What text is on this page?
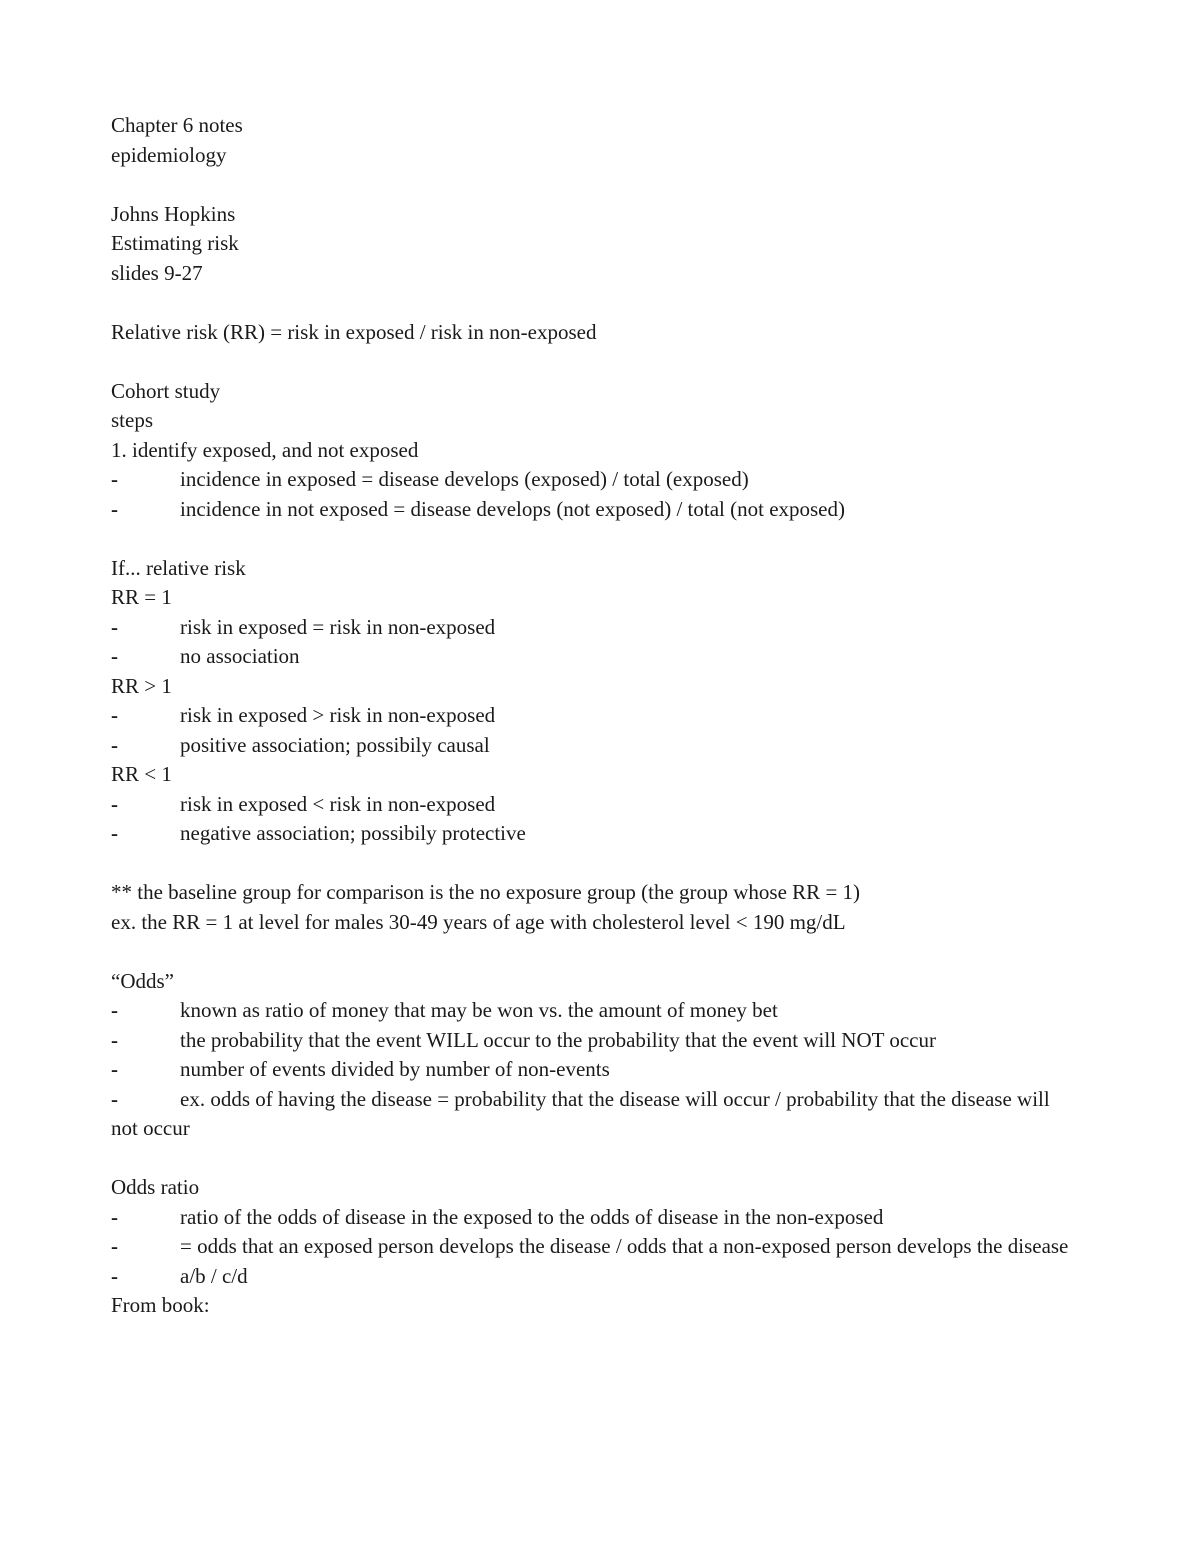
Chapter 6 notes
epidemiology
Johns Hopkins
Estimating risk
slides 9-27
Relative risk (RR) = risk in exposed / risk in non-exposed
Cohort study
steps
1. identify exposed, and not exposed
-	incidence in exposed = disease develops (exposed) / total (exposed)
-	incidence in not exposed = disease develops (not exposed) / total (not exposed)
If... relative risk
RR = 1
-	risk in exposed = risk in non-exposed
-	no association
RR > 1
-	risk in exposed > risk in non-exposed
-	positive association; possibily causal
RR < 1
-	risk in exposed < risk in non-exposed
-	negative association; possibily protective
** the baseline group for comparison is the no exposure group (the group whose RR = 1)
ex. the RR = 1 at level for males 30-49 years of age with cholesterol level < 190 mg/dL
“Odds”
-	known as ratio of money that may be won vs. the amount of money bet
-	the probability that the event WILL occur to the probability that the event will NOT occur
-	number of events divided by number of non-events
-	ex. odds of having the disease = probability that the disease will occur / probability that the disease will not occur
Odds ratio
-	ratio of the odds of disease in the exposed to the odds of disease in the non-exposed
-	= odds that an exposed person develops the disease / odds that a non-exposed person develops the disease
-	a/b / c/d
From book:
